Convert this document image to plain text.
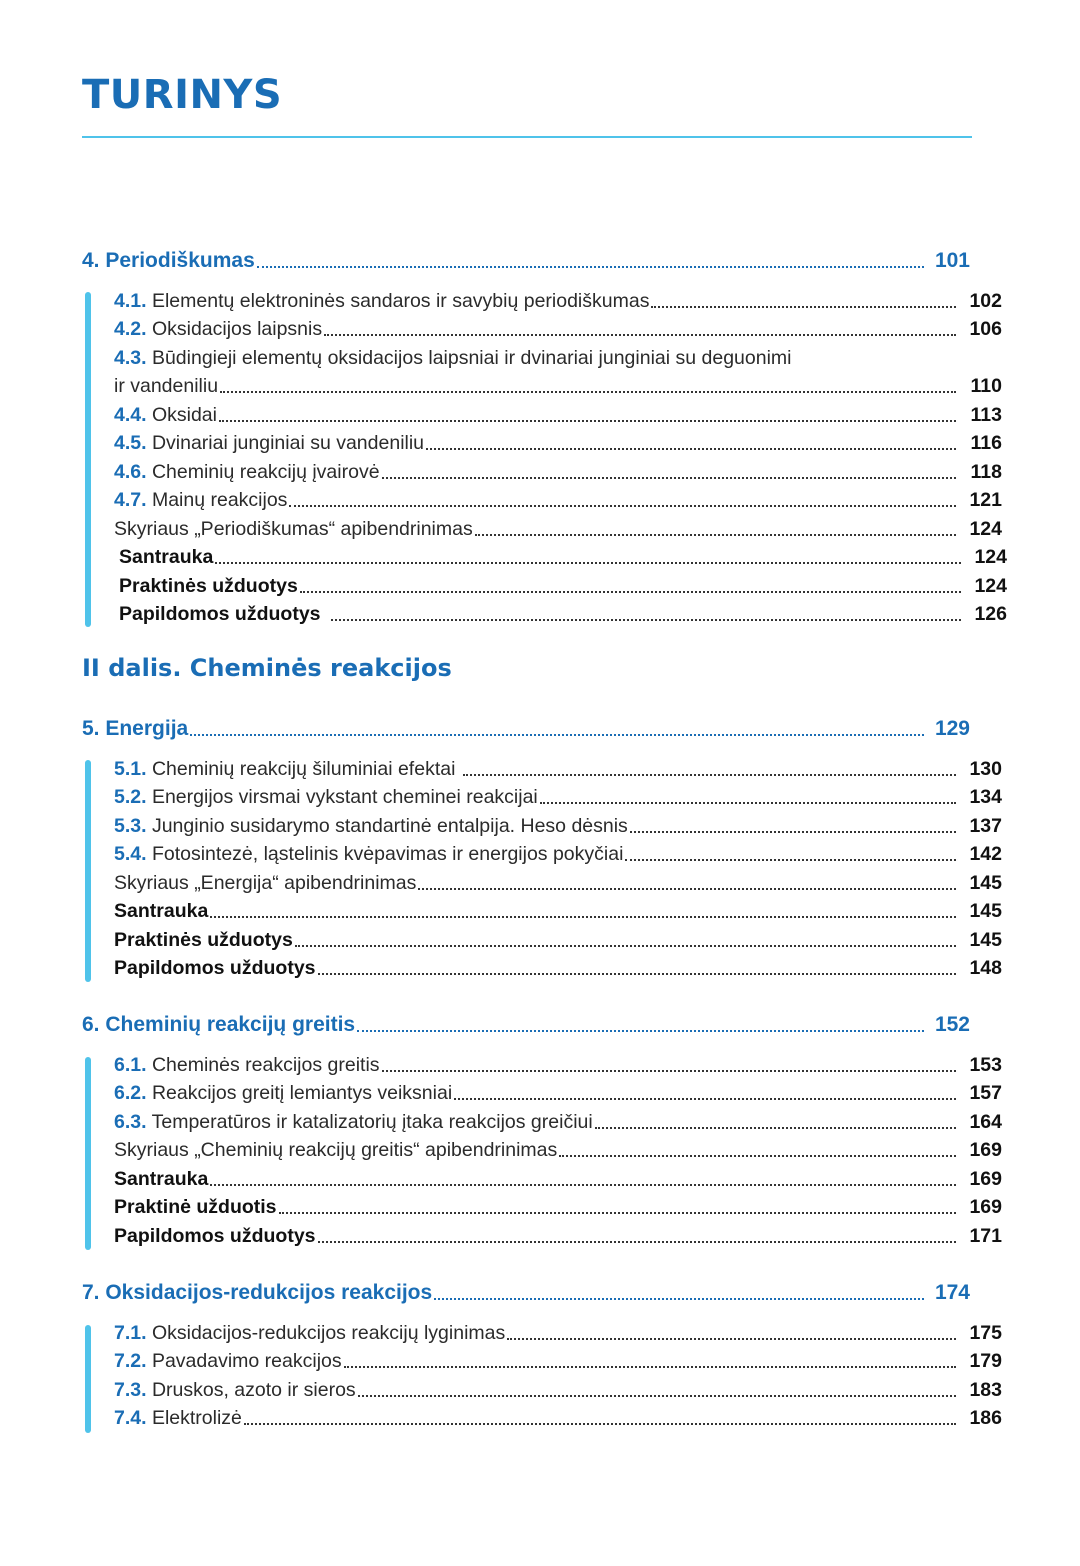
TURINYS
4. Periodiškumas	101
4.1. Elementų elektroninės sandaros ir savybių periodiškumas	102
4.2. Oksidacijos laipsnis	106
4.3. Būdingieji elementų oksidacijos laipsniai ir dvinariai junginiai su deguonimi
ir vandeniliu	110
4.4. Oksidai	113
4.5. Dvinariai junginiai su vandeniliu	116
4.6. Cheminių reakcijų įvairovė	118
4.7. Mainų reakcijos	121
Skyriaus „Periodiškumas“ apibendrinimas	124
Santrauka	124
Praktinės užduotys	124
Papildomos užduotys	126
II dalis. Cheminės reakcijos
5. Energija	129
5.1. Cheminių reakcijų šiluminiai efektai	130
5.2. Energijos virsmai vykstant cheminei reakcijai	134
5.3. Junginio susidarymo standartinė entalpija. Heso dėsnis	137
5.4. Fotosintezė, ląstelinis kvėpavimas ir energijos pokyčiai	142
Skyriaus „Energija“ apibendrinimas	145
Santrauka	145
Praktinės užduotys	145
Papildomos užduotys	148
6. Cheminių reakcijų greitis	152
6.1. Cheminės reakcijos greitis	153
6.2. Reakcijos greitį lemiantys veiksniai	157
6.3. Temperatūros ir katalizatorių įtaka reakcijos greičiui	164
Skyriaus „Cheminių reakcijų greitis“ apibendrinimas	169
Santrauka	169
Praktinė užduotis	169
Papildomos užduotys	171
7. Oksidacijos-redukcijos reakcijos	174
7.1. Oksidacijos-redukcijos reakcijų lyginimas	175
7.2. Pavadavimo reakcijos	179
7.3. Druskos, azoto ir sieros	183
7.4. Elektrolizė	186
